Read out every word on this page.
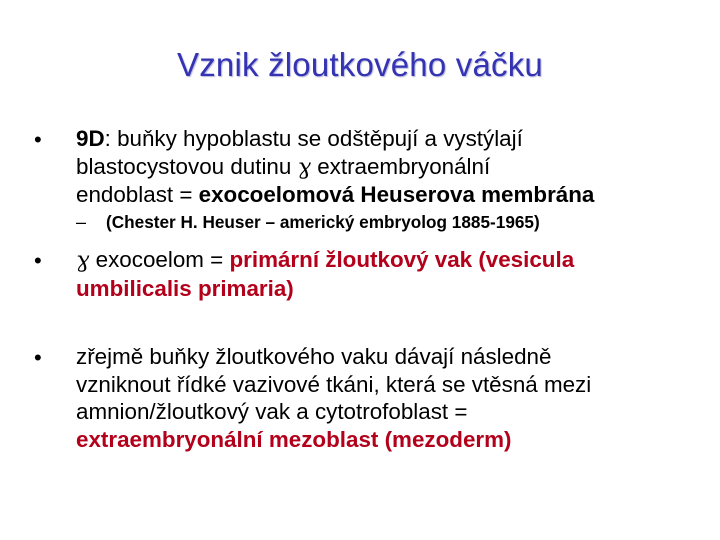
Vznik žloutkového váčku
• 9D: buňky hypoblastu se odštěpují a vystýlají
blastocystovou dutinu ɣ extraembryonální
endoblast = exocoelomová Heuserova membrána
– (Chester H. Heuser – americký embryolog 1885-1965)
• ɣ exocoelom = primární žloutkový vak (vesicula
umbilicalis primaria)
• zřejmě buňky žloutkového vaku dávají následně
vzniknout řídké vazivové tkáni, která se vtěsná mezi
amnion/žloutkový vak a cytotrofoblast =
extraembryonální mezoblast (mezoderm)
